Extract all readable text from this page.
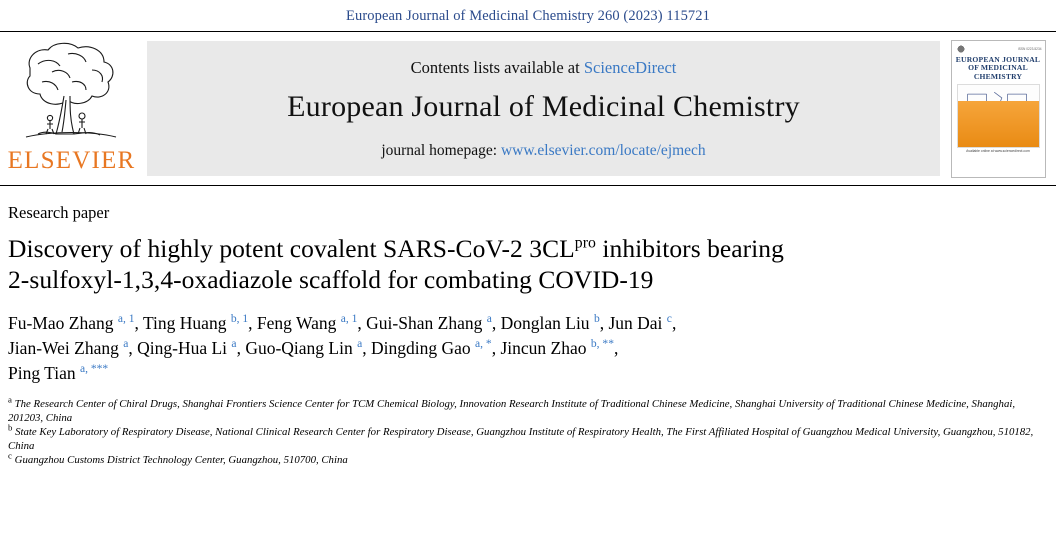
European Journal of Medicinal Chemistry 260 (2023) 115721
ELSEVIER
Contents lists available at ScienceDirect
European Journal of Medicinal Chemistry
journal homepage: www.elsevier.com/locate/ejmech
ISSN 0223-5234
EUROPEAN JOURNAL OF MEDICINAL CHEMISTRY
Available online at www.sciencedirect.com
Research paper
Discovery of highly potent covalent SARS-CoV-2 $3CL^{pro}$ inhibitors bearing
2-sulfoxyl-1,3,4-oxadiazole scaffold for combating COVID-19
Fu-Mao Zhang $^{a, 1}$, Ting Huang $^{b, 1}$, Feng Wang $^{a, 1}$, Gui-Shan Zhang $^a$, Donglan Liu $^b$, Jun Dai $^c$,
Jian-Wei Zhang $^a$, Qing-Hua Li $^a$, Guo-Qiang Lin $^a$, Dingding Gao $^{a, *}$, Jincun Zhao $^{b, **}$,
Ping Tian $^{a, ***}$
$^a$ The Research Center of Chiral Drugs, Shanghai Frontiers Science Center for TCM Chemical Biology, Innovation Research Institute of Traditional Chinese Medicine, Shanghai University of Traditional Chinese Medicine, Shanghai, 201203, China
$^b$ State Key Laboratory of Respiratory Disease, National Clinical Research Center for Respiratory Disease, Guangzhou Institute of Respiratory Health, The First Affiliated Hospital of Guangzhou Medical University, Guangzhou, 510182, China
$^c$ Guangzhou Customs District Technology Center, Guangzhou, 510700, China
